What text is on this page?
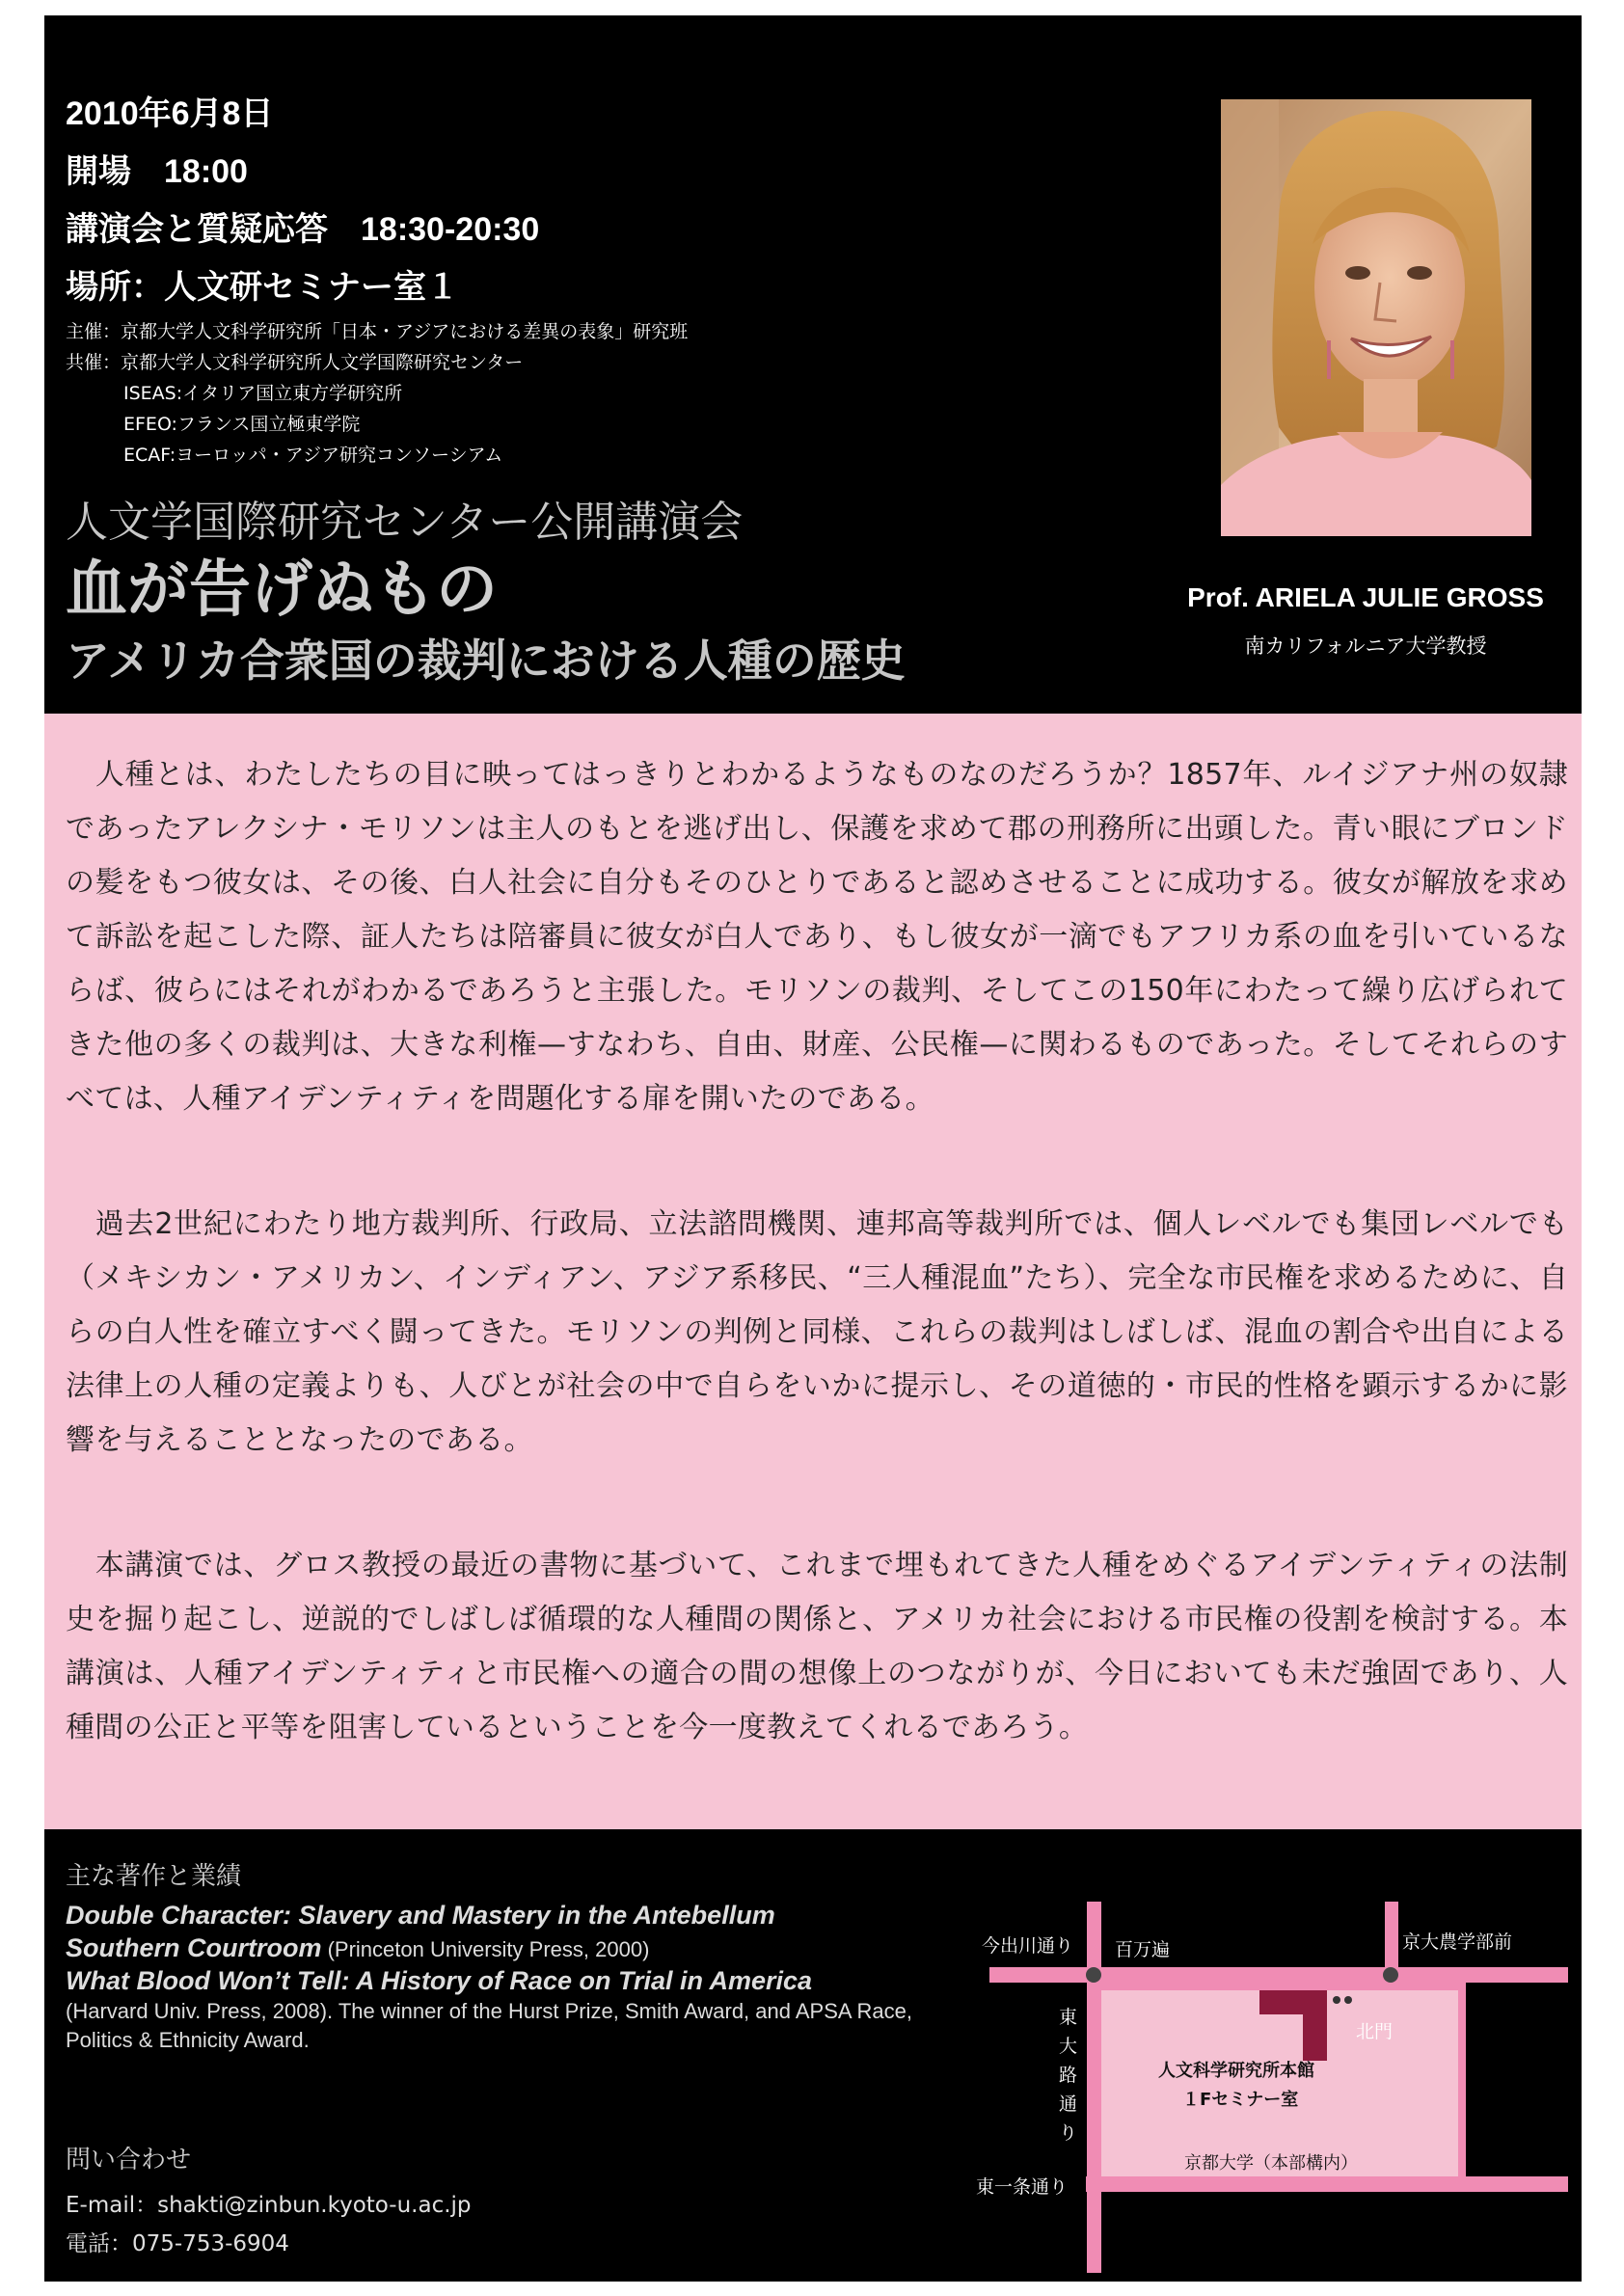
2010年6月8日
開場　18:00
講演会と質疑応答　18:30-20:30
場所：人文研セミナー室１
主催：京都大学人文科学研究所「日本・アジアにおける差異の表象」研究班
共催：京都大学人文科学研究所人文学国際研究センター
ISEAS:イタリア国立東方学研究所
EFEO:フランス国立極東学院
ECAF:ヨーロッパ・アジア研究コンソーシアム
人文学国際研究センター公開講演会
血が告げぬもの
アメリカ合衆国の裁判における人種の歴史
Prof. ARIELA JULIE GROSS
南カリフォルニア大学教授

　人種とは、わたしたちの目に映ってはっきりとわかるようなものなのだろうか？1857年、ルイジアナ州の奴隷であったアレクシナ・モリソンは主人のもとを逃げ出し、保護を求めて郡の刑務所に出頭した。青い眼にブロンドの髪をもつ彼女は、その後、白人社会に自分もそのひとりであると認めさせることに成功する。彼女が解放を求めて訴訟を起こした際、証人たちは陪審員に彼女が白人であり、もし彼女が一滴でもアフリカ系の血を引いているならば、彼らにはそれがわかるであろうと主張した。モリソンの裁判、そしてこの150年にわたって繰り広げられてきた他の多くの裁判は、大きな利権—すなわち、自由、財産、公民権—に関わるものであった。そしてそれらのすべては、人種アイデンティティを問題化する扉を開いたのである。

　過去2世紀にわたり地方裁判所、行政局、立法諮問機関、連邦高等裁判所では、個人レベルでも集団レベルでも（メキシカン・アメリカン、インディアン、アジア系移民、“三人種混血”たち）、完全な市民権を求めるために、自らの白人性を確立すべく闘ってきた。モリソンの判例と同様、これらの裁判はしばしば、混血の割合や出自による法律上の人種の定義よりも、人びとが社会の中で自らをいかに提示し、その道徳的・市民的性格を顕示するかに影響を与えることとなったのである。

　本講演では、グロス教授の最近の書物に基づいて、これまで埋もれてきた人種をめぐるアイデンティティの法制史を掘り起こし、逆説的でしばしば循環的な人種間の関係と、アメリカ社会における市民権の役割を検討する。本講演は、人種アイデンティティと市民権への適合の間の想像上のつながりが、今日においても未だ強固であり、人種間の公正と平等を阻害しているということを今一度教えてくれるであろう。

主な著作と業績
Double Character: Slavery and Mastery in the Antebellum
Southern Courtroom (Princeton University Press, 2000)
What Blood Won’t Tell: A History of Race on Trial in America
(Harvard Univ. Press, 2008). The winner of the Hurst Prize, Smith Award, and APSA Race, Politics & Ethnicity Award.
問い合わせ
E-mail：shakti@zinbun.kyoto-u.ac.jp
電話：075-753-6904
今出川通り 百万遍	京大農学部前
北門
東
大
路
通
り
人文科学研究所本館
１Fセミナー室
東一条通り
京都大学（本部構内）
